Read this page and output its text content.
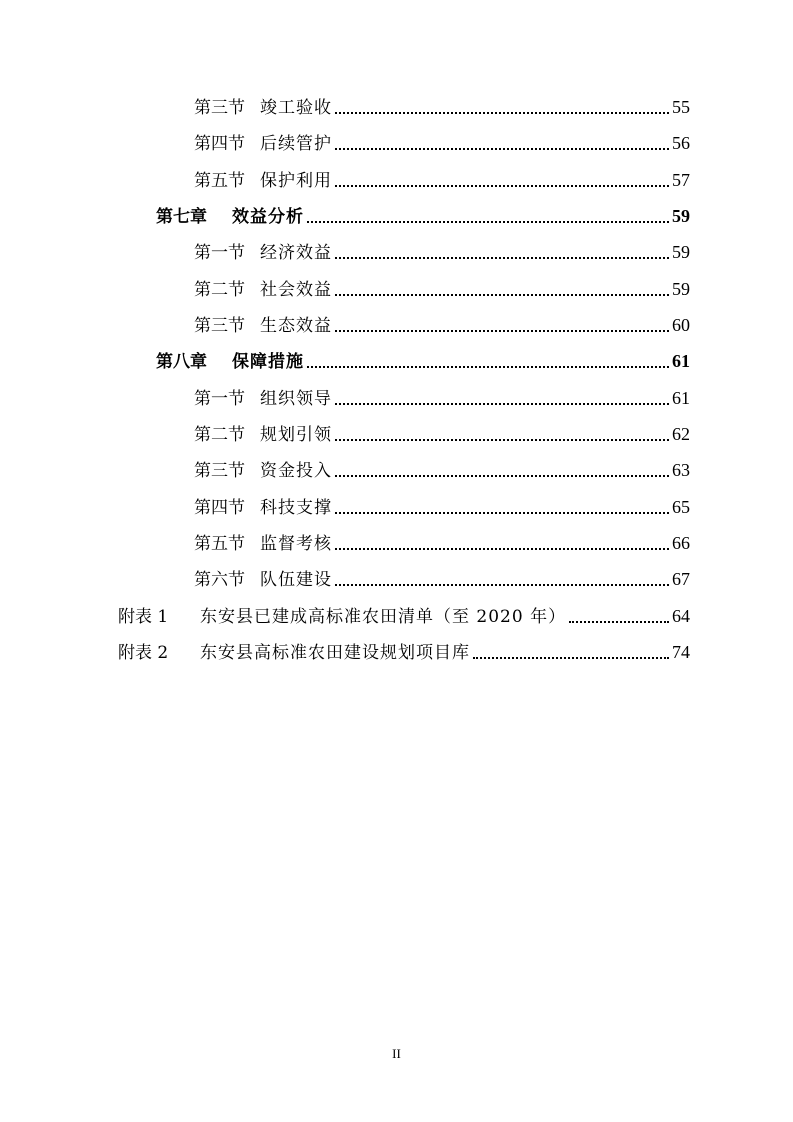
第三节 竣工验收	55
第四节 后续管护	56
第五节 保护利用	57
第七章	效益分析	59
第一节 经济效益	59
第二节 社会效益	59
第三节 生态效益	60
第八章	保障措施	61
第一节 组织领导	61
第二节 规划引领	62
第三节 资金投入	63
第四节 科技支撑	65
第五节 监督考核	66
第六节 队伍建设	67
附表 1	东安县已建成高标准农田清单（至 2020 年）	64
附表 2	东安县高标准农田建设规划项目库	74
II
